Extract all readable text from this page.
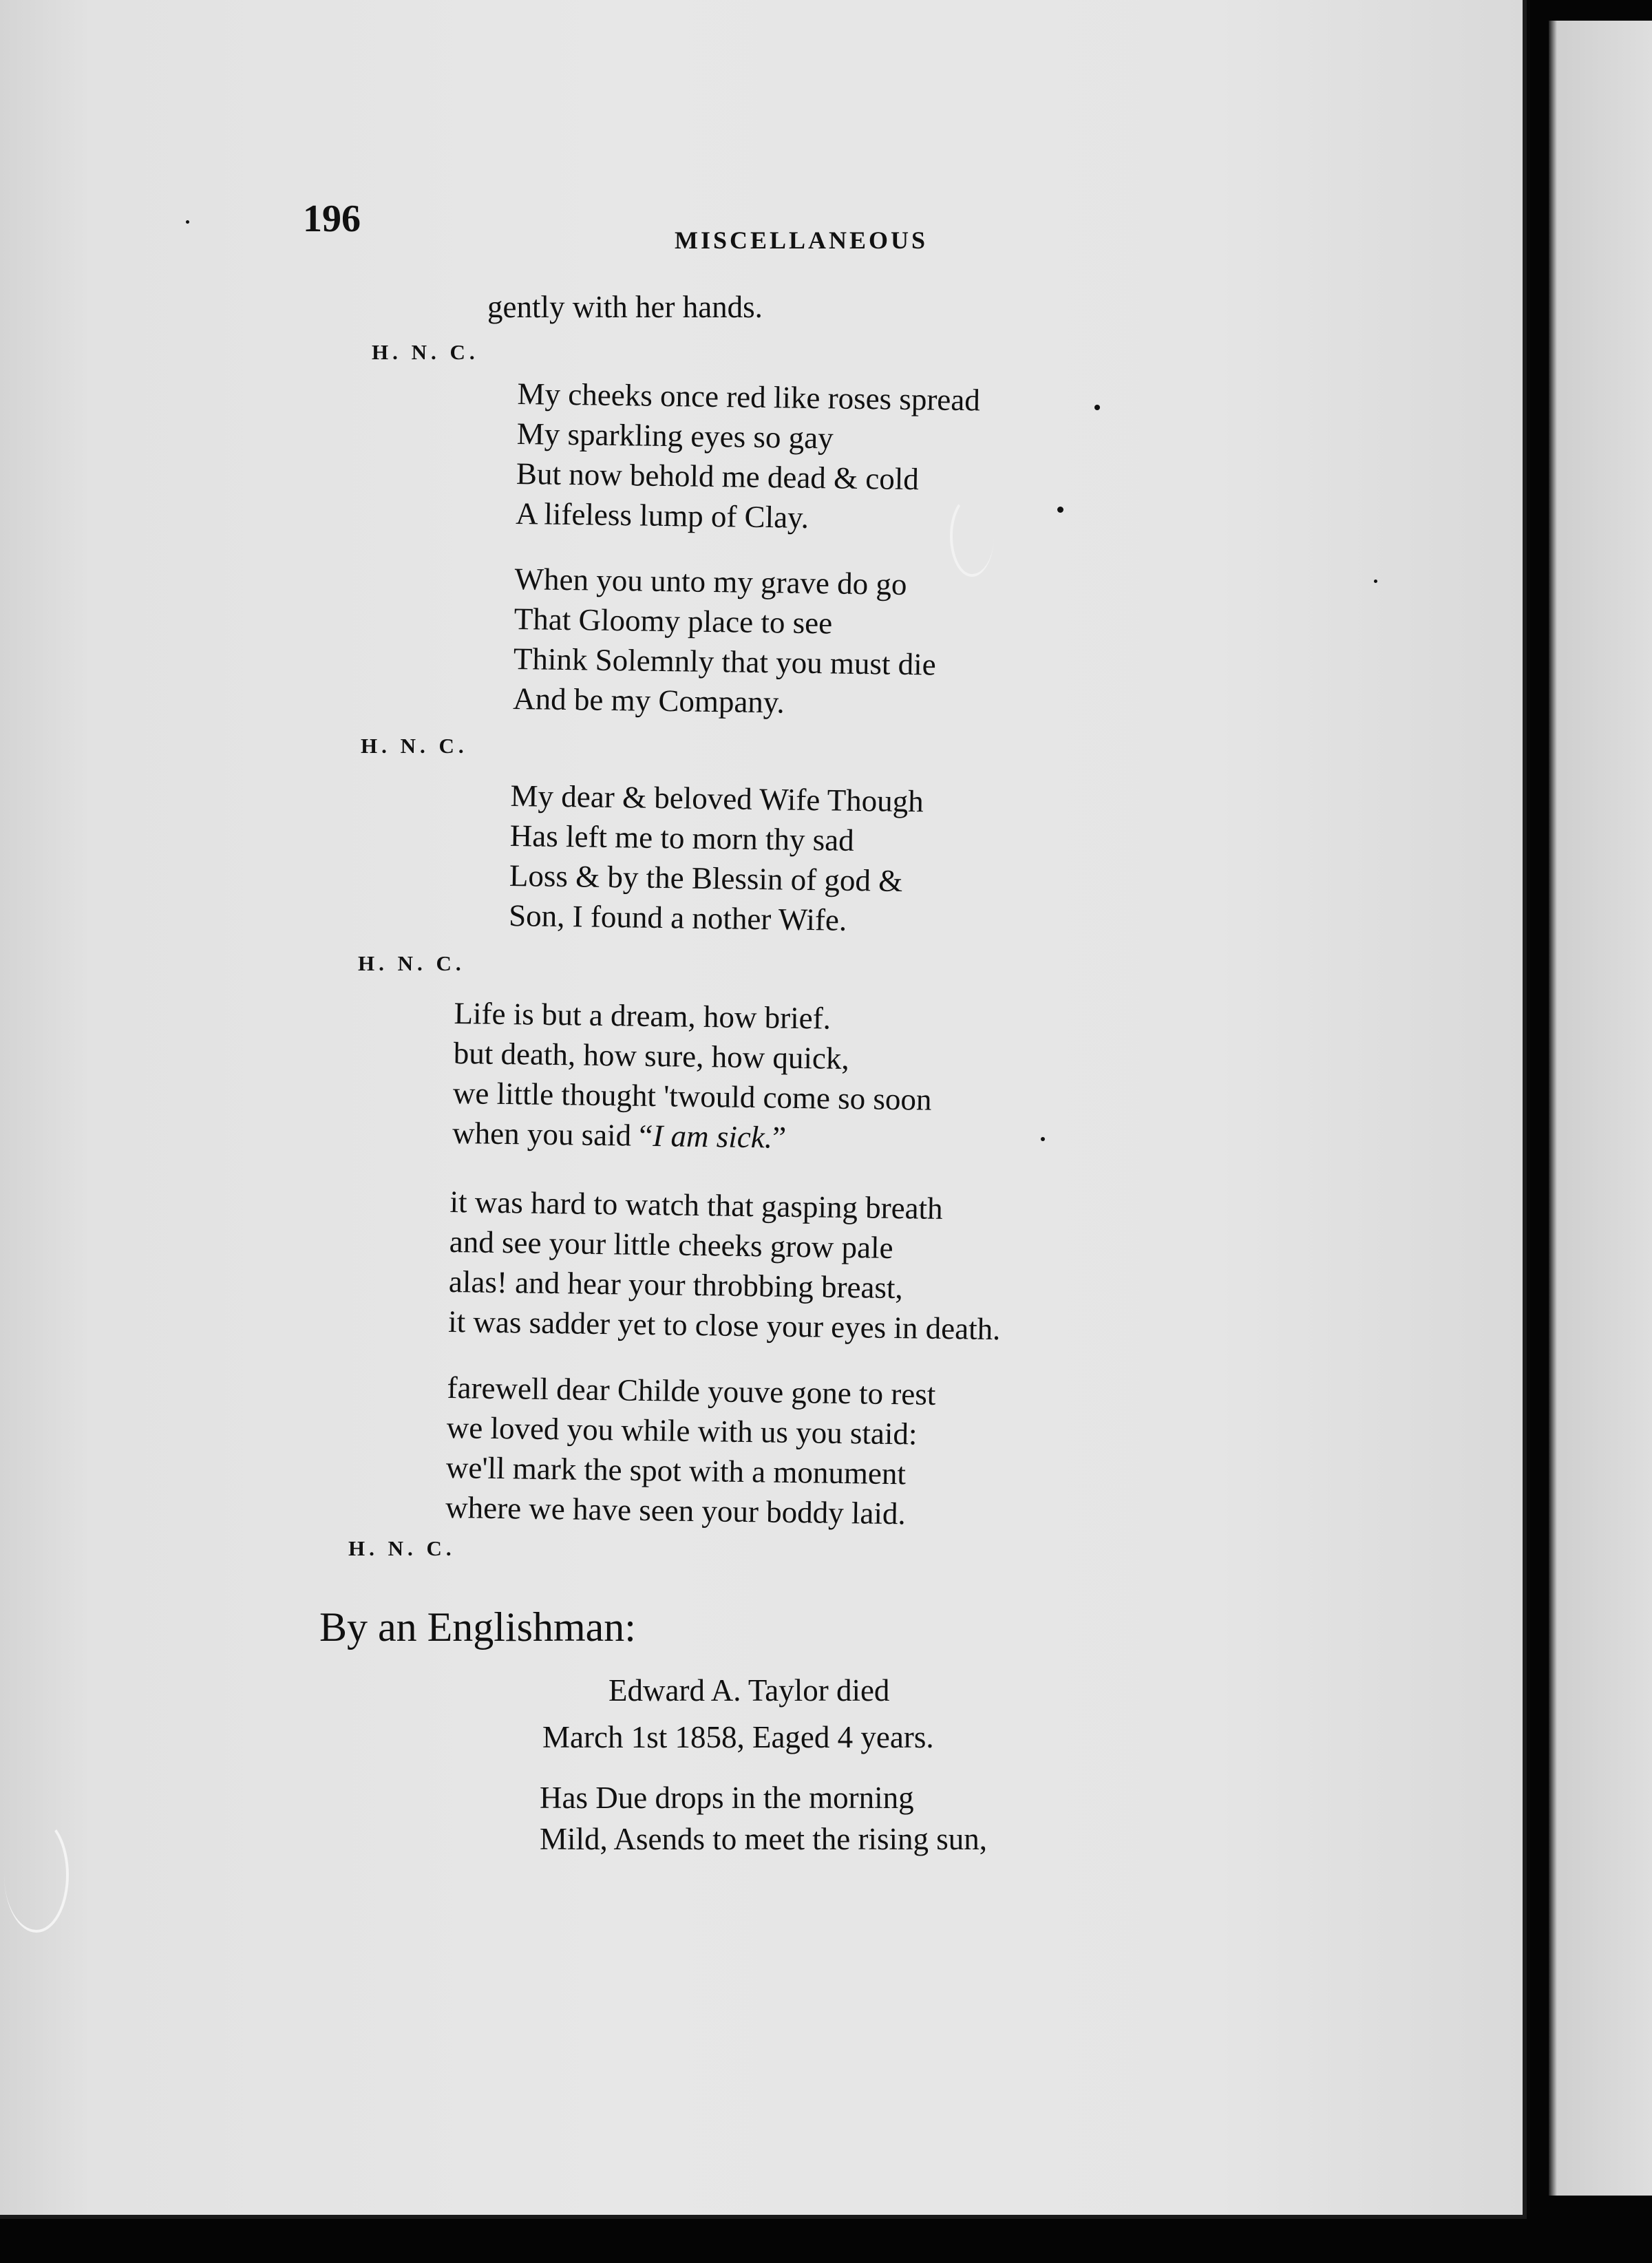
196	MISCELLANEOUS
gently with her hands.
H. N. C.
My cheeks once red like roses spread
My sparkling eyes so gay
But now behold me dead & cold
A lifeless lump of Clay.
When you unto my grave do go
That Gloomy place to see
Think Solemnly that you must die
And be my Company.
H. N. C.
My dear & beloved Wife Though
Has left me to morn thy sad
Loss & by the Blessin of god &
Son, I found a nother Wife.
H. N. C.
Life is but a dream, how brief.
but death, how sure, how quick,
we little thought 'twould come so soon
when you said “I am sick.”
it was hard to watch that gasping breath
and see your little cheeks grow pale
alas! and hear your throbbing breast,
it was sadder yet to close your eyes in death.
farewell dear Childe youve gone to rest
we loved you while with us you staid:
we'll mark the spot with a monument
where we have seen your boddy laid.
H. N. C.
By an Englishman:
Edward A. Taylor died
March 1st 1858, Eaged 4 years.
Has Due drops in the morning
Mild, Asends to meet the rising sun,
